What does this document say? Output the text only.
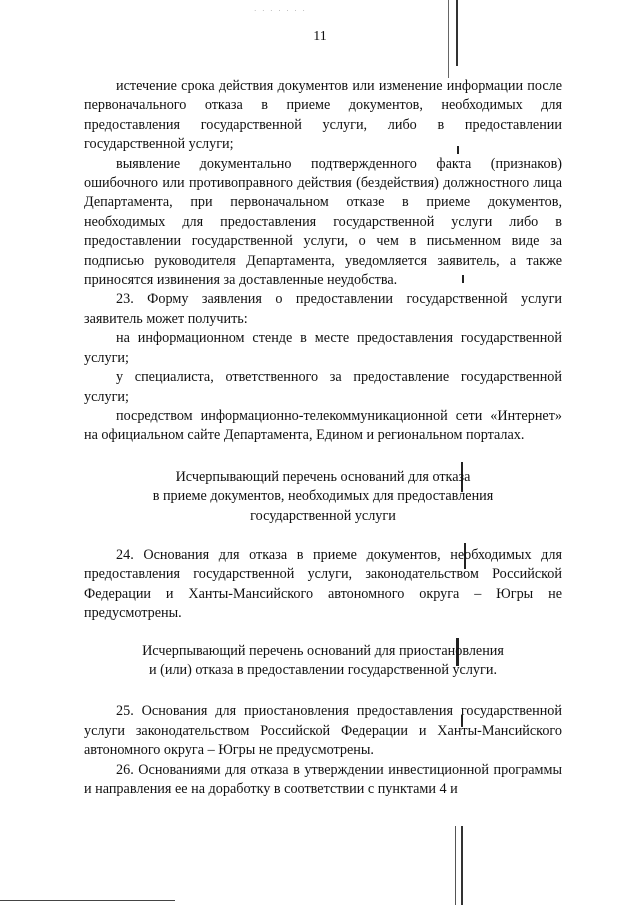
· · · · · · ·
11

истечение срока действия документов или изменение информации после первоначального отказа в приеме документов, необходимых для предоставления государственной услуги, либо в предоставлении государственной услуги;

выявление документально подтвержденного факта (признаков) ошибочного или противоправного действия (бездействия) должностного лица Департамента, при первоначальном отказе в приеме документов, необходимых для предоставления государственной услуги либо в предоставлении государственной услуги, о чем в письменном виде за подписью руководителя Департамента, уведомляется заявитель, а также приносятся извинения за доставленные неудобства.

23. Форму заявления о предоставлении государственной услуги заявитель может получить:

на информационном стенде в месте предоставления государственной услуги;

у специалиста, ответственного за предоставление государственной услуги;

посредством информационно-телекоммуникационной сети «Интернет» на официальном сайте Департамента, Едином и региональном порталах.

Исчерпывающий перечень оснований для отказа

в приеме документов, необходимых для предоставления

государственной услуги

24. Основания для отказа в приеме документов, необходимых для предоставления государственной услуги, законодательством Российской Федерации и Ханты-Мансийского автономного округа – Югры не предусмотрены.

Исчерпывающий перечень оснований для приостановления

и (или) отказа в предоставлении государственной услуги.

25. Основания для приостановления предоставления государственной услуги законодательством Российской Федерации и Ханты-Мансийского автономного округа – Югры не предусмотрены.

26. Основаниями для отказа в утверждении инвестиционной программы и направления ее на доработку в соответствии с пунктами 4 и
